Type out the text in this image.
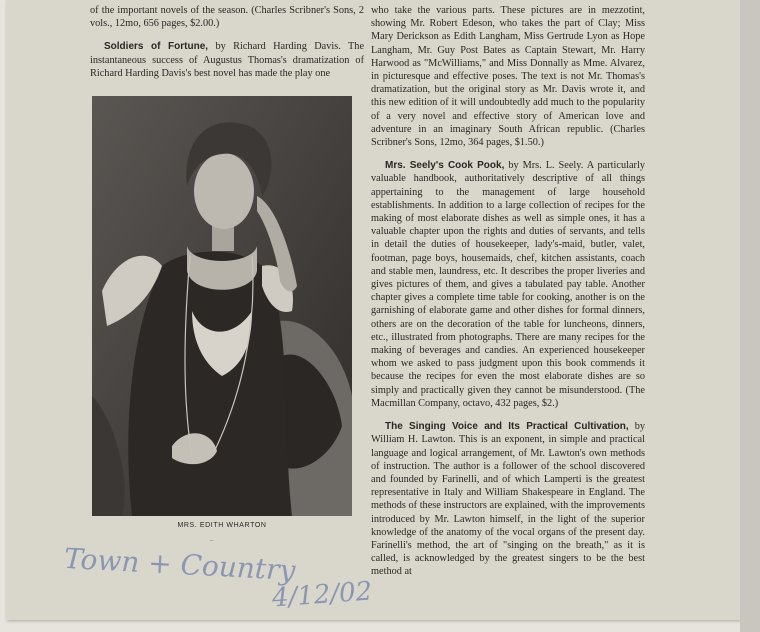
of the important novels of the season. (Charles Scribner's Sons, 2 vols., 12mo, 656 pages, $2.00.)

Soldiers of Fortune, by Richard Harding Davis. The instantaneous success of Augustus Thomas's dramatization of Richard Harding Davis's best novel has made the play one

who take the various parts. These pictures are in mezzotint, showing Mr. Robert Edeson, who takes the part of Clay; Miss Mary Derickson as Edith Langham, Miss Gertrude Lyon as Hope Langham, Mr. Guy Post Bates as Captain Stewart, Mr. Harry Harwood as "McWilliams," and Miss Donnally as Mme. Alvarez, in picturesque and effective poses. The text is not Mr. Thomas's dramatization, but the original story as Mr. Davis wrote it, and this new edition of it will undoubtedly add much to the popularity of a very novel and effective story of American love and adventure in an imaginary South African republic. (Charles Scribner's Sons, 12mo, 364 pages, $1.50.)

Mrs. Seely's Cook Pook, by Mrs. L. Seely. A particularly valuable handbook, authoritatively descriptive of all things appertaining to the management of large household establishments. In addition to a large collection of recipes for the making of most elaborate dishes as well as simple ones, it has a valuable chapter upon the rights and duties of servants, and tells in detail the duties of housekeeper, lady's-maid, butler, valet, footman, page boys, housemaids, chef, kitchen assistants, coach and stable men, laundress, etc. It describes the proper liveries and gives pictures of them, and gives a tabulated pay table. Another chapter gives a complete time table for cooking, another is on the garnishing of elaborate game and other dishes for formal dinners, others are on the decoration of the table for luncheons, dinners, etc., illustrated from photographs. There are many recipes for the making of beverages and candies. An experienced housekeeper whom we asked to pass judgment upon this book commends it because the recipes for even the most elaborate dishes are so simply and practically given they cannot be misunderstood. (The Macmillan Company, octavo, 432 pages, $2.)

The Singing Voice and Its Practical Cultivation, by William H. Lawton. This is an exponent, in simple and practical language and logical arrangement, of Mr. Lawton's own methods of instruction. The author is a follower of the school discovered and founded by Farinelli, and of which Lamperti is the greatest representative in Italy and William Shakespeare in England. The methods of these instructors are explained, with the improvements introduced by Mr. Lawton himself, in the light of the superior knowledge of the anatomy of the vocal organs of the present day. Farinelli's method, the art of "singing on the breath," as it is called, is acknowledged by the greatest singers to be the best method at

MRS. EDITH WHARTON
Town + Country
4/12/02
